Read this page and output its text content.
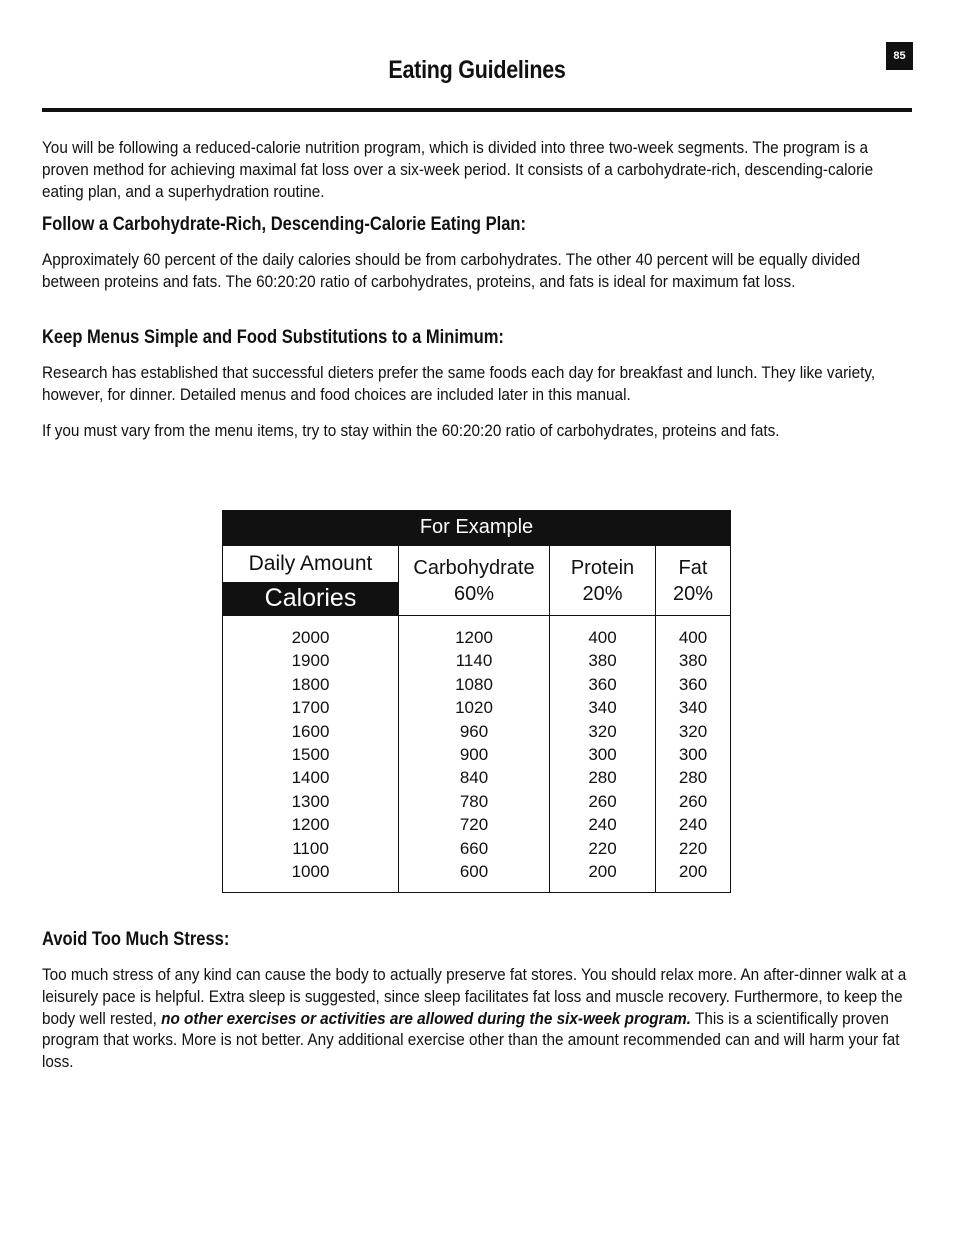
85
Eating Guidelines

You will be following a reduced-calorie nutrition program, which is divided into three two-week segments. The program is a proven method for achieving maximal fat loss over a six-week period. It consists of a carbohydrate-rich, descending-calorie eating plan, and a superhydration routine.

Follow a Carbohydrate-Rich, Descending-Calorie Eating Plan:

Approximately 60 percent of the daily calories should be from carbohydrates. The other 40 percent will be equally divided between proteins and fats. The 60:20:20 ratio of carbohydrates, proteins, and fats is ideal for maximum fat loss.

Keep Menus Simple and Food Substitutions to a Minimum:

Research has established that successful dieters prefer the same foods each day for breakfast and lunch. They like variety, however, for dinner. Detailed menus and food choices are included later in this manual.

If you must vary from the menu items, try to stay within the 60:20:20 ratio of carbohydrates, proteins and fats.

For Example
Daily Amount
Calories
Carbohydrate
60%
Protein
20%
Fat
20%
2000
1900
1800
1700
1600
1500
1400
1300
1200
1100
1000
1200
1140
1080
1020
960
900
840
780
720
660
600
400
380
360
340
320
300
280
260
240
220
200
400
380
360
340
320
300
280
260
240
220
200
Avoid Too Much Stress:

Too much stress of any kind can cause the body to actually preserve fat stores. You should relax more. An after-dinner walk at a leisurely pace is helpful. Extra sleep is suggested, since sleep facilitates fat loss and muscle recovery. Furthermore, to keep the body well rested, no other exercises or activities are allowed during the six-week program. This is a scientifically proven program that works. More is not better. Any additional exercise other than the amount recommended can and will harm your fat loss.
